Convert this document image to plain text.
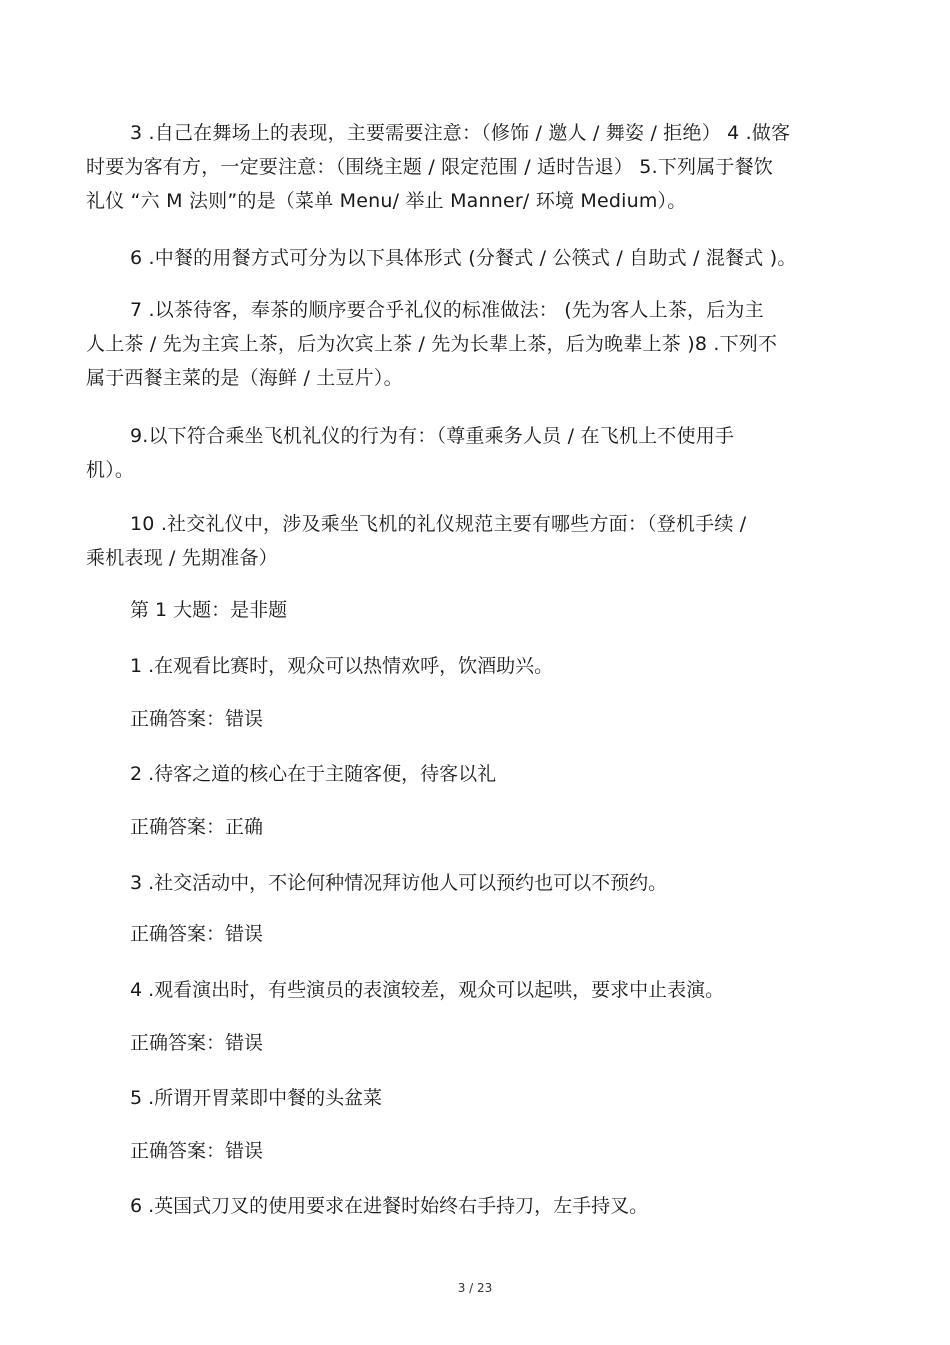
3 .自己在舞场上的表现，主要需要注意：（修饰 / 邀人 / 舞姿 / 拒绝） 4 .做客
时要为客有方，一定要注意：（围绕主题 / 限定范围 / 适时告退） 5.下列属于餐饮
礼仪 “六 M 法则”的是（菜单 Menu/ 举止 Manner/ 环境 Medium）。
6 .中餐的用餐方式可分为以下具体形式 (分餐式 / 公筷式 / 自助式 / 混餐式 )。
7 .以茶待客，奉茶的顺序要合乎礼仪的标准做法： (先为客人上茶，后为主
人上茶 / 先为主宾上茶，后为次宾上茶 / 先为长辈上茶，后为晚辈上茶 )8 .下列不
属于西餐主菜的是（海鲜 / 土豆片）。
9.以下符合乘坐飞机礼仪的行为有：（尊重乘务人员 / 在飞机上不使用手
机）。
10 .社交礼仪中，涉及乘坐飞机的礼仪规范主要有哪些方面：（登机手续 /
乘机表现 / 先期准备）
第 1 大题：是非题
1 .在观看比赛时，观众可以热情欢呼，饮酒助兴。
正确答案：错误
2 .待客之道的核心在于主随客便，待客以礼
正确答案：正确
3 .社交活动中，不论何种情况拜访他人可以预约也可以不预约。
正确答案：错误
4 .观看演出时，有些演员的表演较差，观众可以起哄，要求中止表演。
正确答案：错误
5 .所谓开胃菜即中餐的头盆菜
正确答案：错误
6 .英国式刀叉的使用要求在进餐时始终右手持刀，左手持叉。
3 / 23
